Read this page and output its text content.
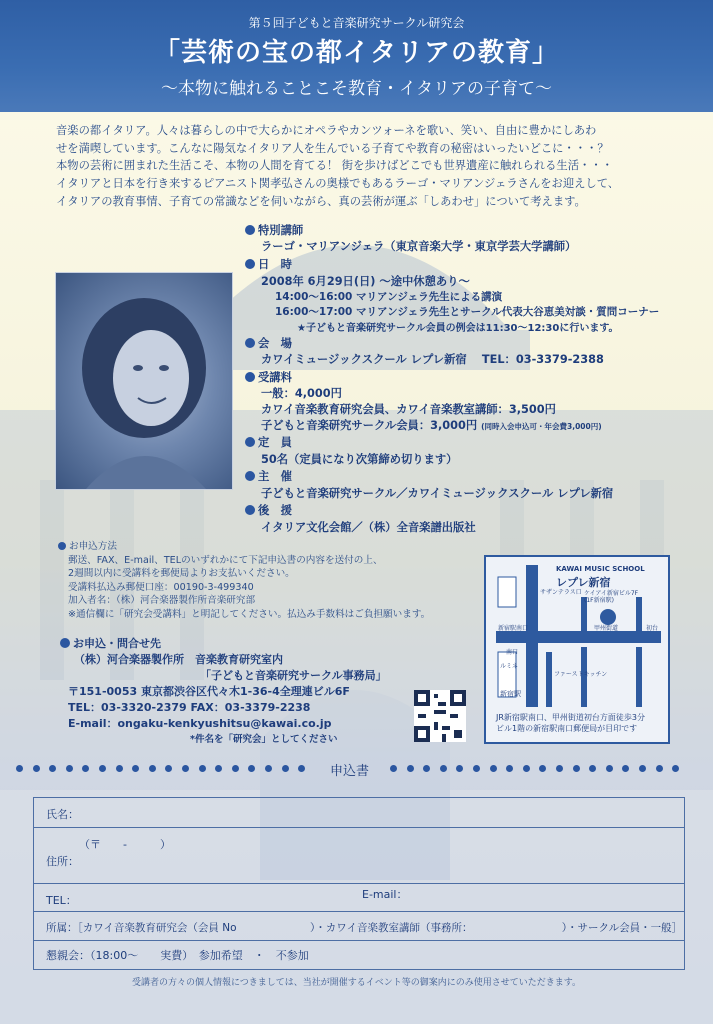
第５回子どもと音楽研究サークル研究会
「芸術の宝の都イタリアの教育」
〜本物に触れることこそ教育・イタリアの子育て〜
音楽の都イタリア。人々は暮らしの中で大らかにオペラやカンツォーネを歌い、笑い、自由に豊かにしあわ
せを満喫しています。こんなに陽気なイタリア人を生んでいる子育てや教育の秘密はいったいどこに・・・？
本物の芸術に囲まれた生活こそ、本物の人間を育てる！ 街を歩けばどこでも世界遺産に触れられる生活・・・
イタリアと日本を行き来するピアニスト関孝弘さんの奥様でもあるラーゴ・マリアンジェラさんをお迎えして、
イタリアの教育事情、子育ての常識などを伺いながら、真の芸術が運ぶ「しあわせ」について考えます。
特別講師
ラーゴ・マリアンジェラ（東京音楽大学・東京学芸大学講師）
日　時
2008年 6月29日(日) 〜途中休憩あり〜
14:00〜16:00 マリアンジェラ先生による講演
16:00〜17:00 マリアンジェラ先生とサークル代表大谷恵美対談・質問コーナー
★子どもと音楽研究サークル会員の例会は11:30〜12:30に行います。
会　場
カワイミュージックスクール レプレ新宿　 TEL：03-3379-2388
受講料
一般：4,000円
カワイ音楽教育研究会員、カワイ音楽教室講師：3,500円
子どもと音楽研究サークル会員：3,000円 (同時入会申込可・年会費3,000円)
定　員
50名（定員になり次第締め切ります）
主　催
子どもと音楽研究サークル／カワイミュージックスクール レプレ新宿
後　援
イタリア文化会館／（株）全音楽譜出版社
お申込方法
郵送、FAX、E-mail、TELのいずれかにて下記申込書の内容を送付の上、
2週間以内に受講料を郵便局よりお支払いください。
受講料払込み郵便口座：00190-3-499340
加入者名：（株）河合楽器製作所音楽研究部
※通信欄に「研究会受講料」と明記してください。払込み手数料はご負担願います。
お申込・問合せ先
（株）河合楽器製作所　音楽教育研究室内
「子どもと音楽研究サークル事務局」
〒151-0053 東京都渋谷区代々木1-36-4全理連ビル6F
TEL：03-3320-2379 FAX：03-3379-2238
E-mail：ongaku-kenkyushitsu@kawai.co.jp
*件名を「研究会」としてください
KAWAI MUSIC SCHOOL
レプレ新宿
ケイアイ新宿ビル7F
(1F新宿駅)
甲州街道
新宿駅南口	初台
南口
新宿駅
サザンテラス口
ルミネ
ファーストキッチン
JR新宿駅南口、甲州街道初台方面徒歩3分
ビル1階の新宿駅南口郵便局が目印です
申込書
氏名：
（〒　　-　　　）
住所：
TEL：	E-mail：
所属：［カワイ音楽教育研究会（会員 No　　　　　　　）・カワイ音楽教室講師（事務所：　　　　　　　　　）・サークル会員・一般］
懇親会：（18:00〜　　実費）　参加希望　・　不参加
受講者の方々の個人情報につきましては、当社が開催するイベント等の御案内にのみ使用させていただきます。
